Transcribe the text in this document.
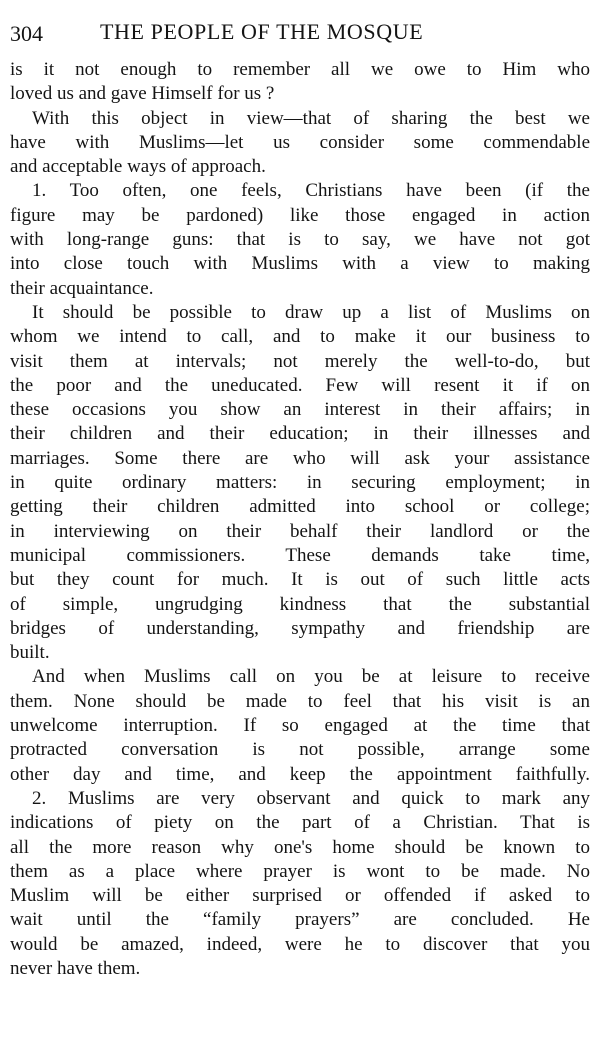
304	THE PEOPLE OF THE MOSQUE
is it not enough to remember all we owe to Him who
loved us and gave Himself for us ?
With this object in view—that of sharing the best we
have with Muslims—let us consider some commendable
and acceptable ways of approach.
1. Too often, one feels, Christians have been (if the
figure may be pardoned) like those engaged in action
with long-range guns: that is to say, we have not got
into close touch with Muslims with a view to making
their acquaintance.
It should be possible to draw up a list of Muslims on
whom we intend to call, and to make it our business to
visit them at intervals; not merely the well-to-do, but
the poor and the uneducated. Few will resent it if on
these occasions you show an interest in their affairs; in
their children and their education; in their illnesses and
marriages. Some there are who will ask your assistance
in quite ordinary matters: in securing employment; in
getting their children admitted into school or college;
in interviewing on their behalf their landlord or the
municipal commissioners. These demands take time,
but they count for much. It is out of such little acts
of simple, ungrudging kindness that the substantial
bridges of understanding, sympathy and friendship are
built.
And when Muslims call on you be at leisure to receive
them. None should be made to feel that his visit is an
unwelcome interruption. If so engaged at the time that
protracted conversation is not possible, arrange some
other day and time, and keep the appointment faithfully.
2. Muslims are very observant and quick to mark any
indications of piety on the part of a Christian. That is
all the more reason why one's home should be known to
them as a place where prayer is wont to be made. No
Muslim will be either surprised or offended if asked to
wait until the “family prayers” are concluded. He
would be amazed, indeed, were he to discover that you
never have them.
